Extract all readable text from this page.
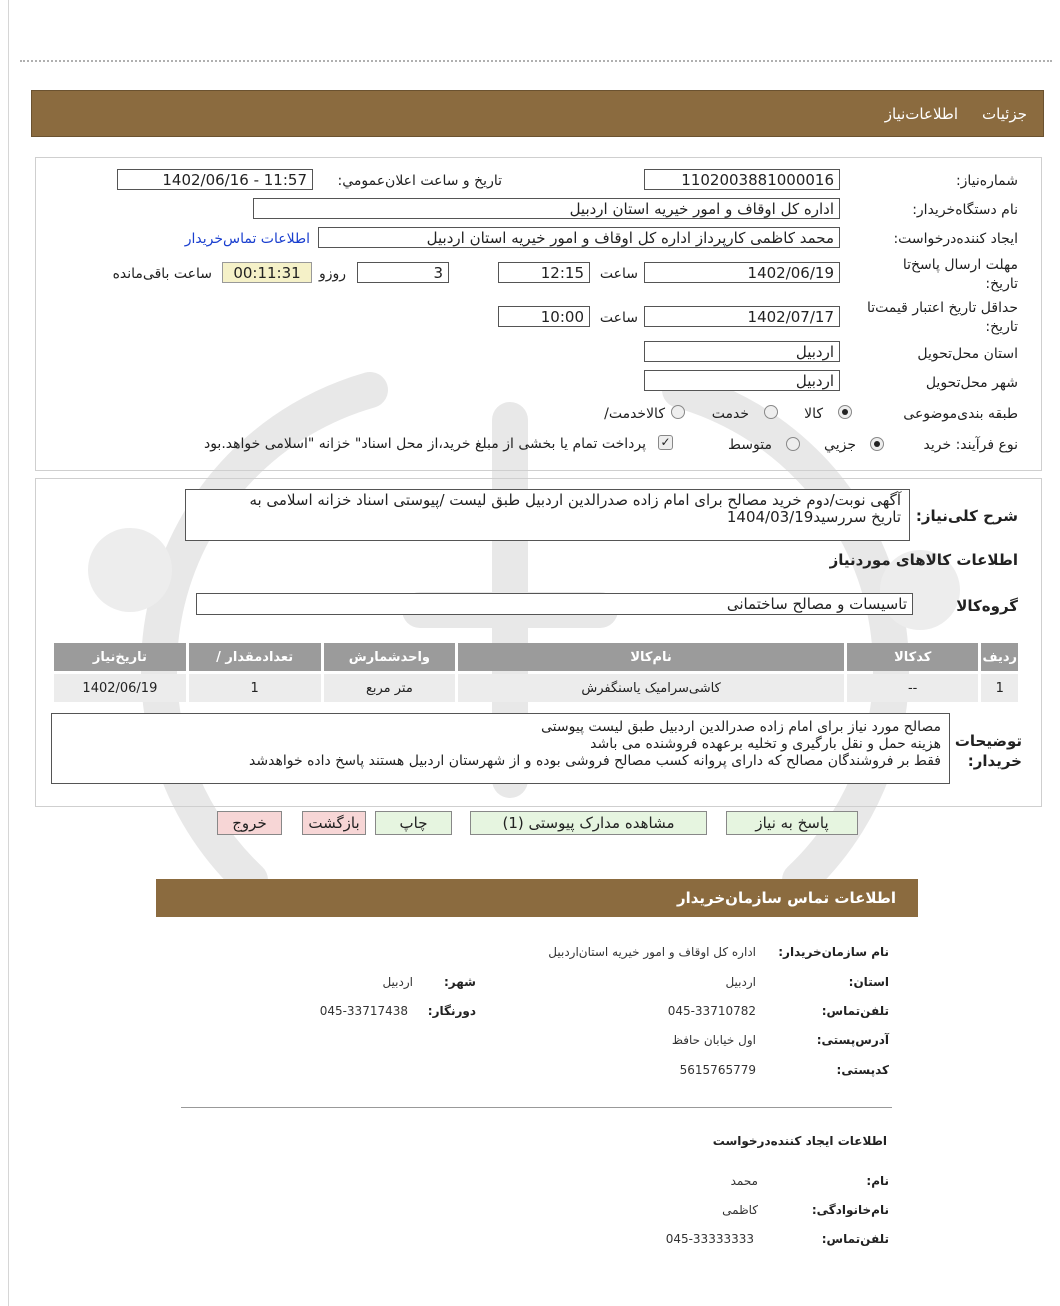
جزئیات
اطلاعات‌نیاز
شماره‌نیاز:
1102003881000016
تاریخ و ساعت اعلان‌عمومي:
1402/06/16 - 11:57
نام دستگاه‌خریدار:
اداره کل اوقاف و امور خیریه استان اردبیل
ایجاد کننده‌درخواست:
محمد کاظمی کارپرداز اداره کل اوقاف و امور خیریه استان اردبیل
اطلاعات تماس‌خریدار
مهلت ارسال پاسخ‌تا
تاریخ:
1402/06/19
ساعت
12:15
3
روزو
00:11:31
ساعت باقی‌مانده
حداقل تاریخ اعتبار قیمت‌تا
تاریخ:
1402/07/17
ساعت
10:00
استان محل‌تحویل
اردبیل
شهر محل‌تحویل
اردبیل
طبقه بندی‌موضوعی
کالا
خدمت
کالا‌خدمت/
نوع فرآیند: خرید
جزیي
متوسط
✓
پرداخت تمام یا بخشی از مبلغ خرید،از محل اسناد" خزانه "اسلامی خواهد.بود
شرح کلی‌نیاز:
آگهی نوبت/دوم خرید مصالح برای امام زاده صدرالدین اردبیل طبق لیست /پیوستی اسناد خزانه اسلامی به
تاریخ سررسید1404/03/19
اطلاعات کالاهای موردنیاز
گروه‌کالا
تاسیسات و مصالح ساختمانی
ردیف	کدکالا	نام‌کالا	واحدشمارش	تعدادمقدار /	تاریخ‌نیاز
1	--	کاشی‌سرامیک یاسنگفرش	متر مربع	1	1402/06/19
توضیحات
خریدار:
مصالح مورد نیاز برای امام زاده صدرالدین اردبیل طبق لیست پیوستی
هزینه حمل و نقل بارگیری و تخلیه برعهده فروشنده می باشد
فقط بر فروشندگان مصالح که دارای پروانه کسب مصالح فروشی بوده و از شهرستان اردبیل هستند پاسخ داده خواهدشد
پاسخ به نیاز
مشاهده مدارک پیوستی (1)
چاپ
بازگشت
خروج
اطلاعات تماس سازمان‌خریدار
نام سازمان‌خریدار:
اداره کل اوقاف و امور خیریه استان‌اردبیل
استان:
اردبیل
شهر:
اردبیل
تلفن‌تماس:
045-33710782
دورنگار:
045-33717438
آدرس‌پستی:
اول خیابان حافظ
کد‌پستی:
5615765779
اطلاعات ایجاد کننده‌درخواست
نام:
محمد
نام‌خانوادگی:
کاظمی
تلفن‌تماس:
045-33333333
